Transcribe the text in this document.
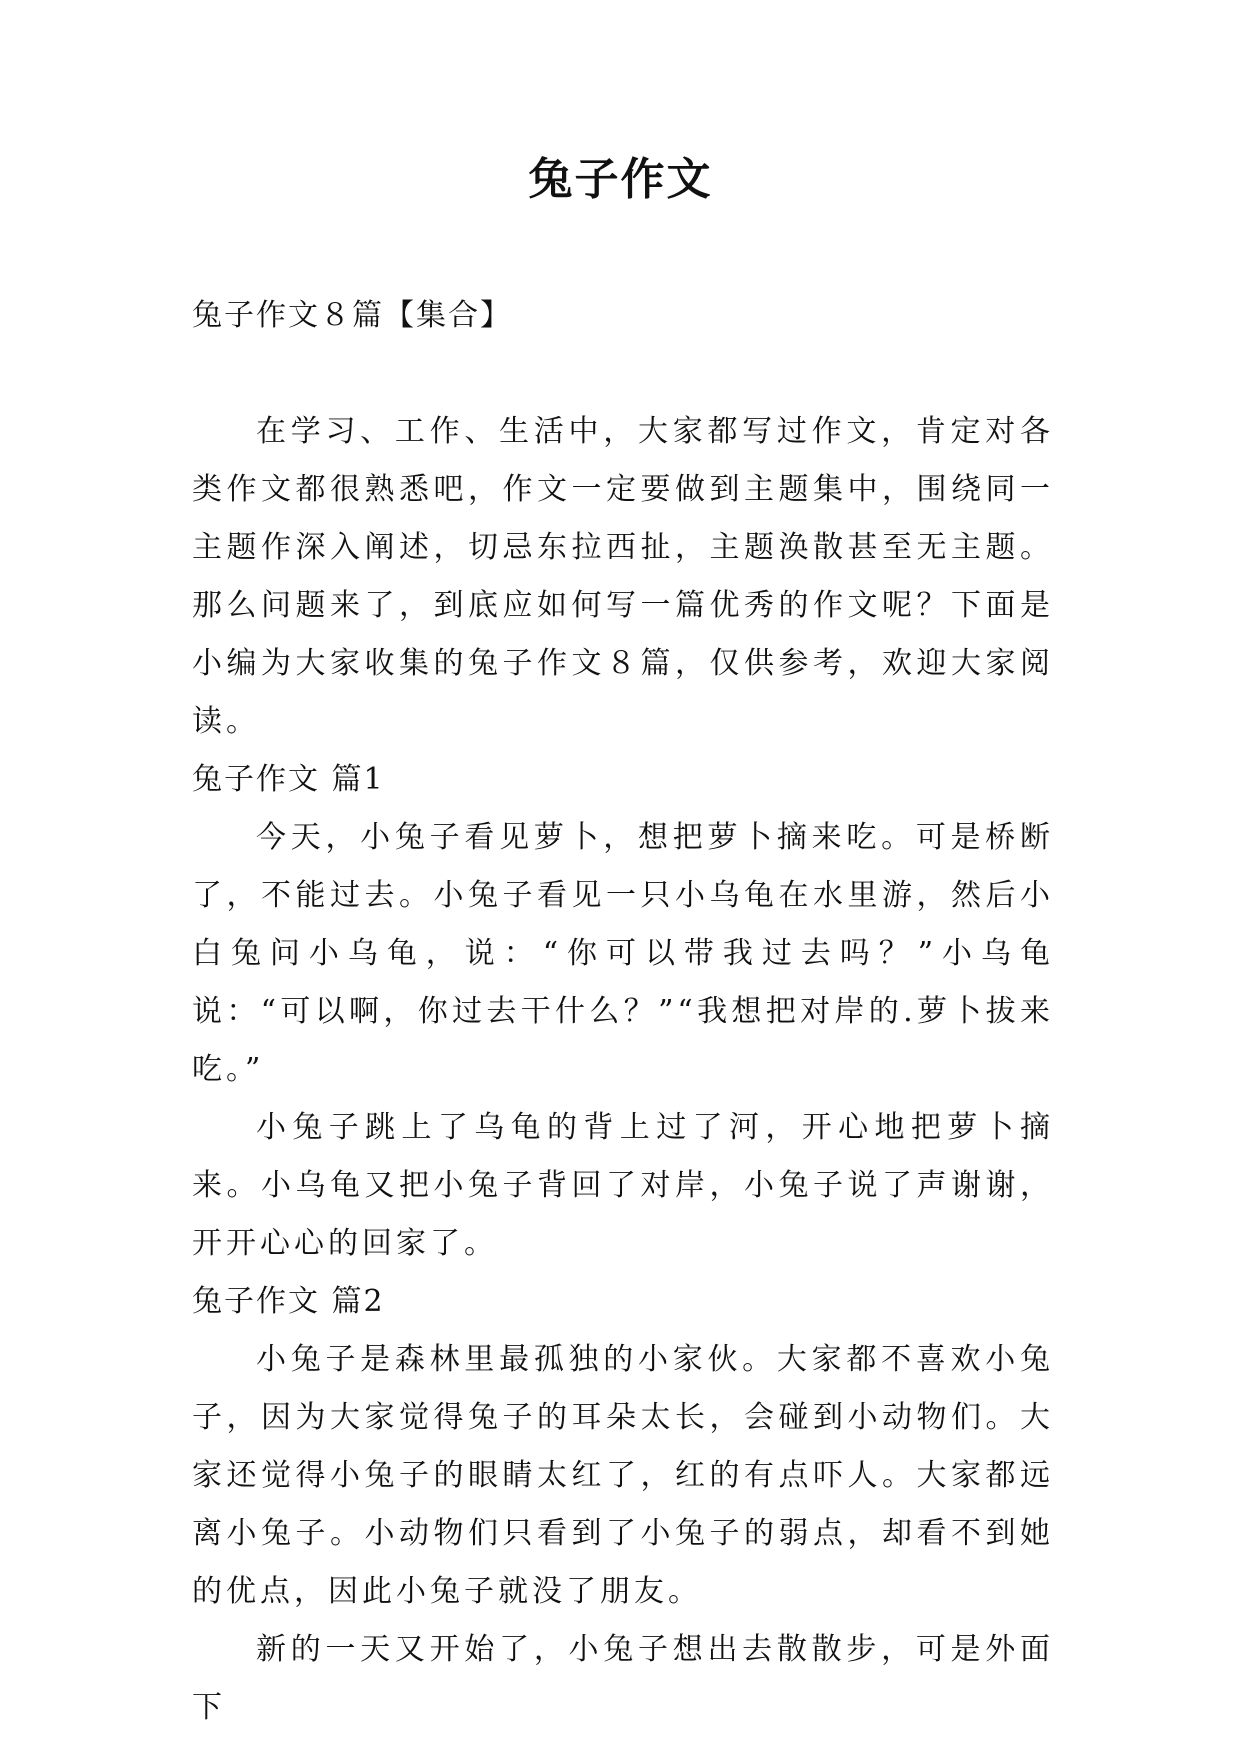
兔子作文

兔子作文８篇【集合】

在学习、工作、生活中，大家都写过作文，肯定对各类作文都很熟悉吧，作文一定要做到主题集中，围绕同一主题作深入阐述，切忌东拉西扯，主题涣散甚至无主题。那么问题来了，到底应如何写一篇优秀的作文呢？下面是小编为大家收集的兔子作文８篇，仅供参考，欢迎大家阅读。

兔子作文 篇1

今天，小兔子看见萝卜，想把萝卜摘来吃。可是桥断了，不能过去。小兔子看见一只小乌龟在水里游，然后小白兔问小乌龟，说：“你可以带我过去吗？”小乌龟说：“可以啊，你过去干什么？”“我想把对岸的.萝卜拔来吃。”

小兔子跳上了乌龟的背上过了河，开心地把萝卜摘来。小乌龟又把小兔子背回了对岸，小兔子说了声谢谢，开开心心的回家了。

兔子作文 篇2

小兔子是森林里最孤独的小家伙。大家都不喜欢小兔子，因为大家觉得兔子的耳朵太长，会碰到小动物们。大家还觉得小兔子的眼睛太红了，红的有点吓人。大家都远离小兔子。小动物们只看到了小兔子的弱点，却看不到她的优点，因此小兔子就没了朋友。

新的一天又开始了，小兔子想出去散散步，可是外面下
